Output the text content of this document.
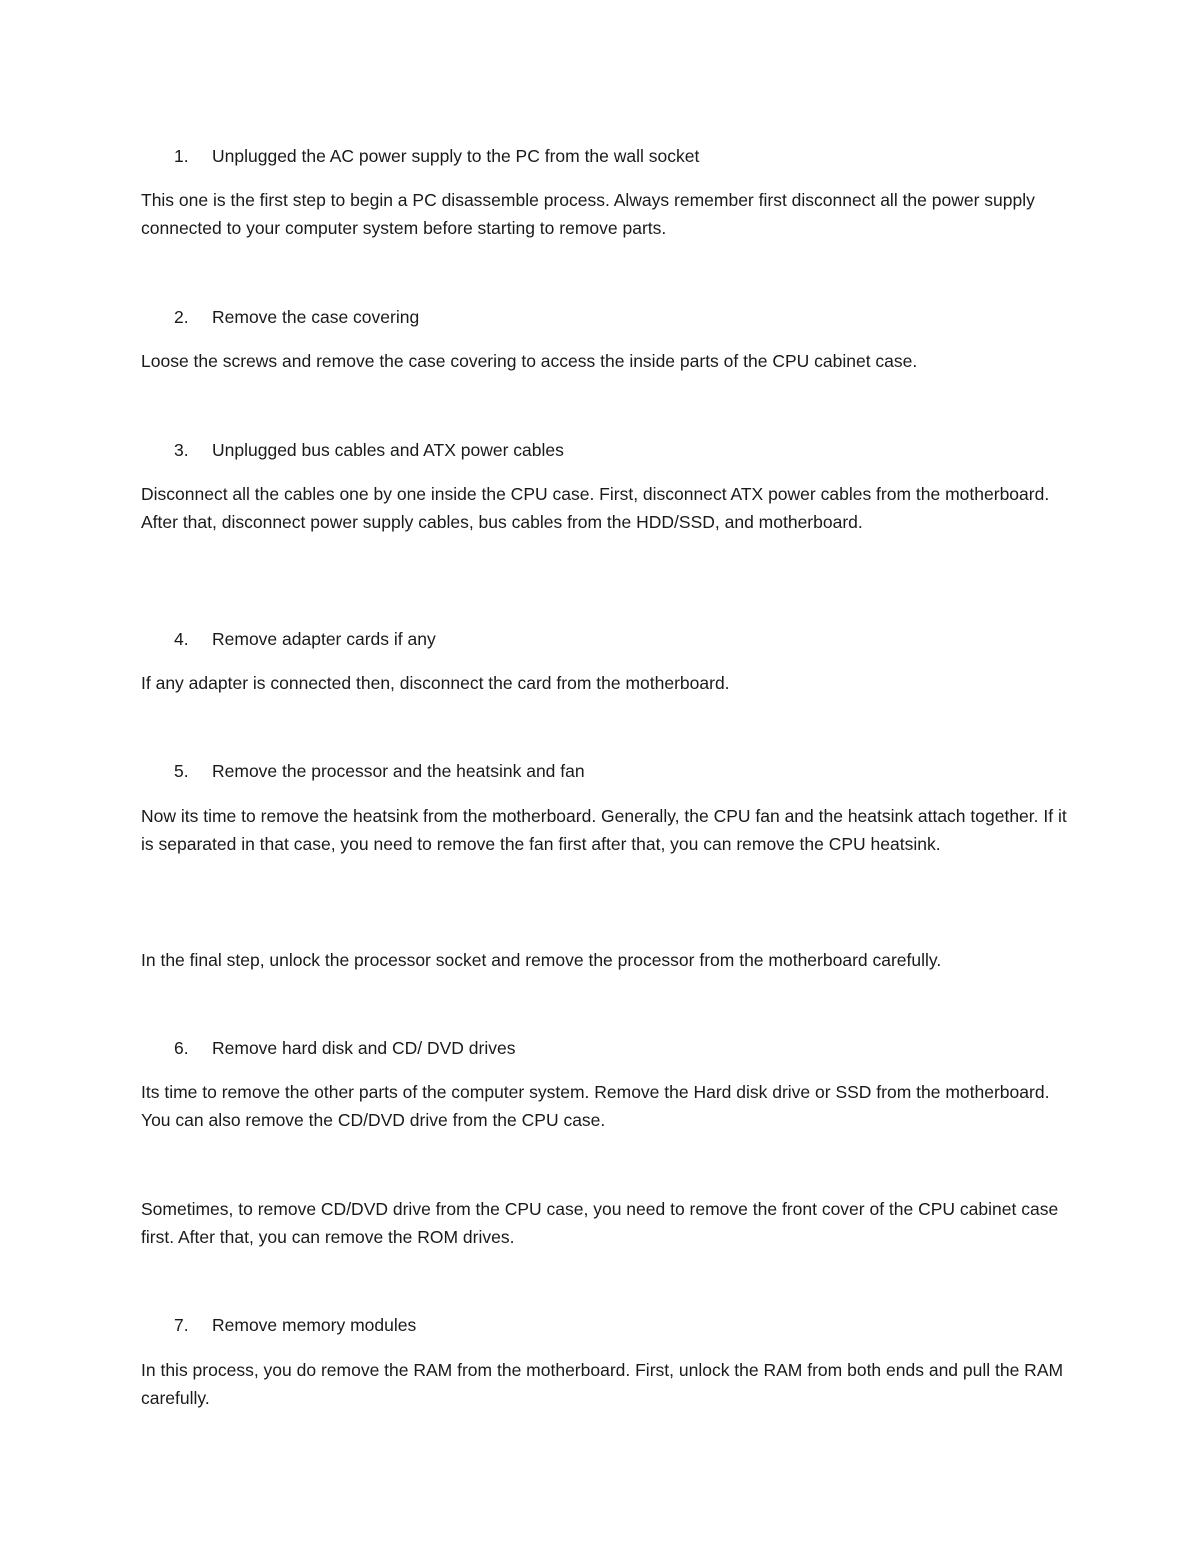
1. Unplugged the AC power supply to the PC from the wall socket

This one is the first step to begin a PC disassemble process. Always remember first disconnect all the power supply connected to your computer system before starting to remove parts.

2. Remove the case covering

Loose the screws and remove the case covering to access the inside parts of the CPU cabinet case.

3. Unplugged bus cables and ATX power cables

Disconnect all the cables one by one inside the CPU case. First, disconnect ATX power cables from the motherboard. After that, disconnect power supply cables, bus cables from the HDD/SSD, and motherboard.

4. Remove adapter cards if any

If any adapter is connected then, disconnect the card from the motherboard.

5. Remove the processor and the heatsink and fan

Now its time to remove the heatsink from the motherboard. Generally, the CPU fan and the heatsink attach together. If it is separated in that case, you need to remove the fan first after that, you can remove the CPU heatsink.

In the final step, unlock the processor socket and remove the processor from the motherboard carefully.

6. Remove hard disk and CD/ DVD drives

Its time to remove the other parts of the computer system. Remove the Hard disk drive or SSD from the motherboard. You can also remove the CD/DVD drive from the CPU case.

Sometimes, to remove CD/DVD drive from the CPU case, you need to remove the front cover of the CPU cabinet case first. After that, you can remove the ROM drives.

7. Remove memory modules

In this process, you do remove the RAM from the motherboard. First, unlock the RAM from both ends and pull the RAM carefully.
